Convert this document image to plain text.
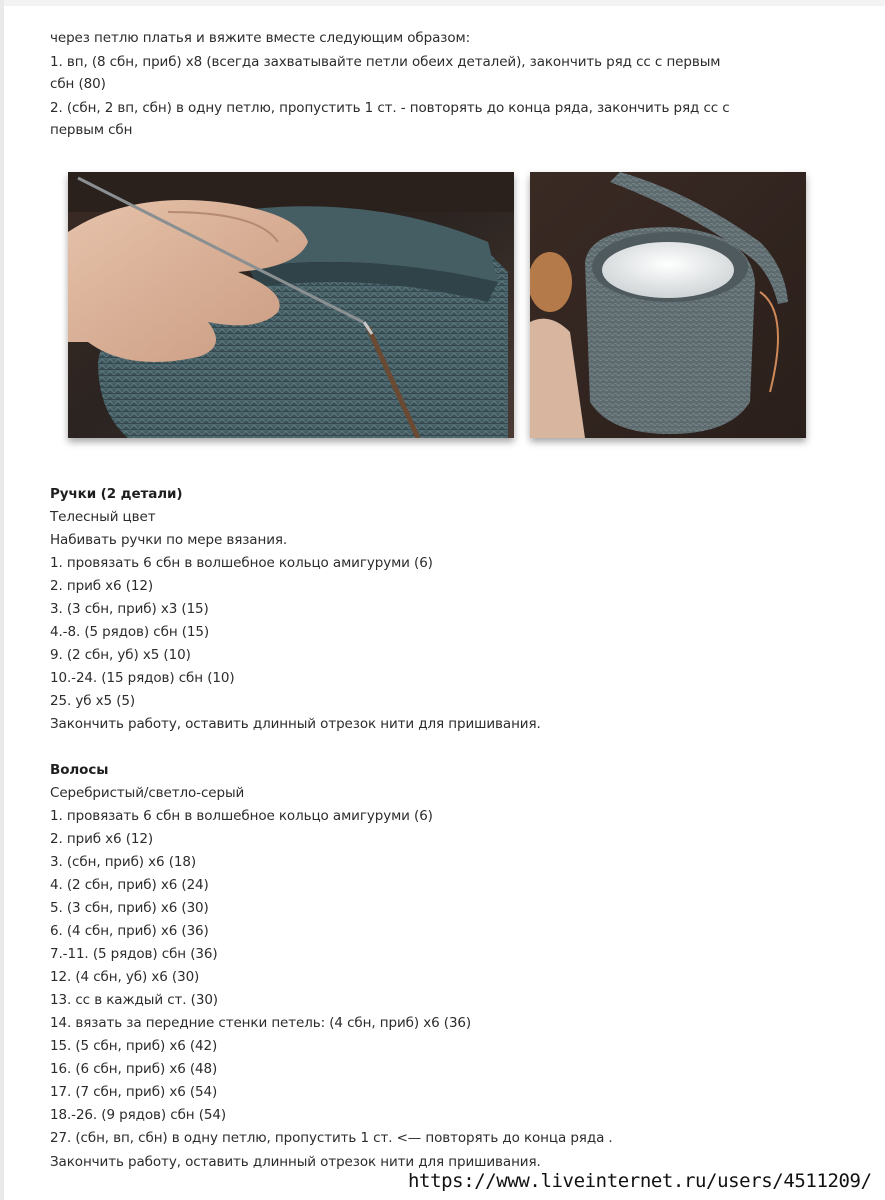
через петлю платья и вяжите вместе следующим образом:
1. вп, (8 сбн, приб) х8 (всегда захватывайте петли обеих деталей), закончить ряд сс с первым
сбн (80)
2. (сбн, 2 вп, сбн) в одну петлю, пропустить 1 ст. - повторять до конца ряда, закончить ряд сс с
первым сбн
Ручки (2 детали)
Телесный цвет
Набивать ручки по мере вязания.
1. провязать 6 сбн в волшебное кольцо амигуруми (6)
2. приб х6 (12)
3. (3 сбн, приб) х3 (15)
4.-8. (5 рядов) сбн (15)
9. (2 сбн, уб) х5 (10)
10.-24. (15 рядов) сбн (10)
25. уб х5 (5)
Закончить работу, оставить длинный отрезок нити для пришивания.
Волосы
Серебристый/светло-серый
1. провязать 6 сбн в волшебное кольцо амигуруми (6)
2. приб х6 (12)
3. (сбн, приб) х6 (18)
4. (2 сбн, приб) х6 (24)
5. (3 сбн, приб) х6 (30)
6. (4 сбн, приб) х6 (36)
7.-11. (5 рядов) сбн (36)
12. (4 сбн, уб) х6 (30)
13. сс в каждый ст. (30)
14. вязать за передние стенки петель: (4 сбн, приб) х6 (36)
15. (5 сбн, приб) х6 (42)
16. (6 сбн, приб) х6 (48)
17. (7 сбн, приб) х6 (54)
18.-26. (9 рядов) сбн (54)
27. (сбн, вп, сбн) в одну петлю, пропустить 1 ст. <— повторять до конца ряда .
Закончить работу, оставить длинный отрезок нити для пришивания.
https://www.liveinternet.ru/users/4511209/
